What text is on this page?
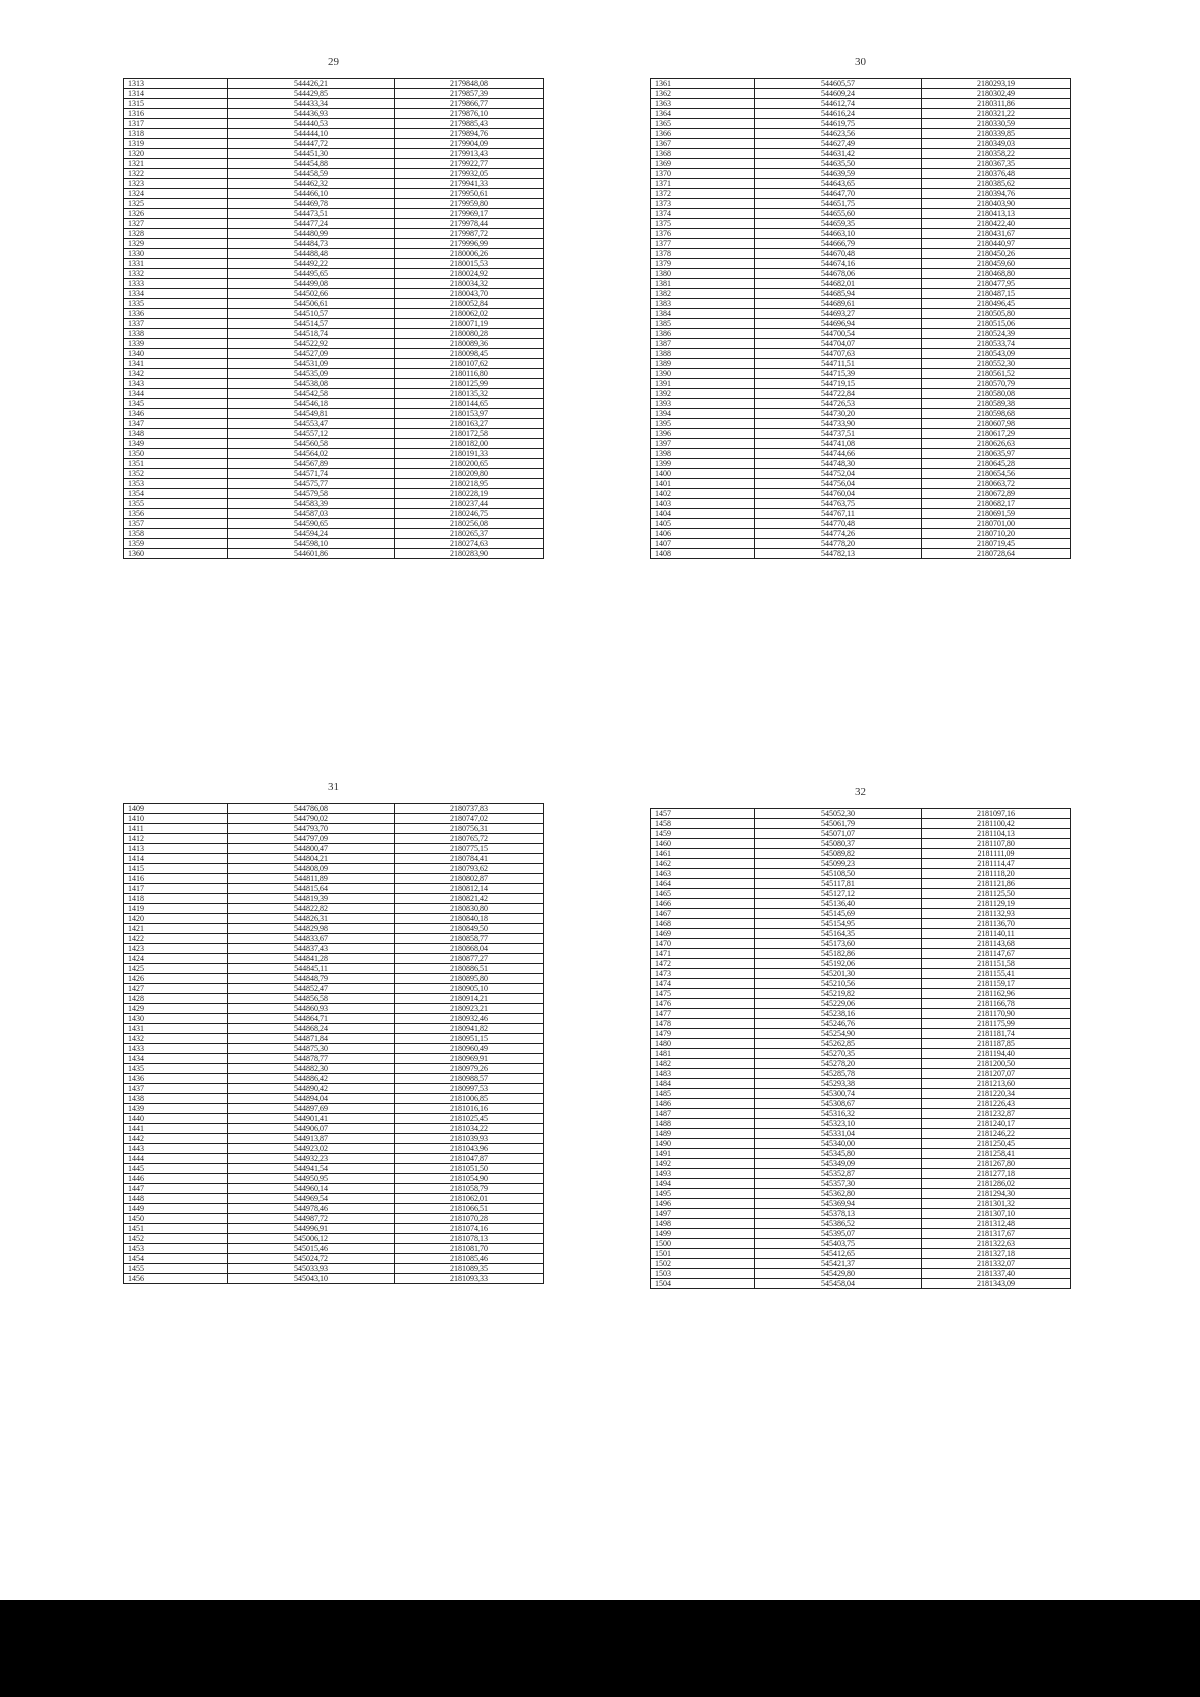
29
1313	544426,21	2179848,08
1314	544429,85	2179857,39
1315	544433,34	2179866,77
1316	544436,93	2179876,10
1317	544440,53	2179885,43
1318	544444,10	2179894,76
1319	544447,72	2179904,09
1320	544451,30	2179913,43
1321	544454,88	2179922,77
1322	544458,59	2179932,05
1323	544462,32	2179941,33
1324	544466,10	2179950,61
1325	544469,78	2179959,80
1326	544473,51	2179969,17
1327	544477,24	2179978,44
1328	544480,99	2179987,72
1329	544484,73	2179996,99
1330	544488,48	2180006,26
1331	544492,22	2180015,53
1332	544495,65	2180024,92
1333	544499,08	2180034,32
1334	544502,66	2180043,70
1335	544506,61	2180052,84
1336	544510,57	2180062,02
1337	544514,57	2180071,19
1338	544518,74	2180080,28
1339	544522,92	2180089,36
1340	544527,09	2180098,45
1341	544531,09	2180107,62
1342	544535,09	2180116,80
1343	544538,08	2180125,99
1344	544542,58	2180135,32
1345	544546,18	2180144,65
1346	544549,81	2180153,97
1347	544553,47	2180163,27
1348	544557,12	2180172,58
1349	544560,58	2180182,00
1350	544564,02	2180191,33
1351	544567,89	2180200,65
1352	544571,74	2180209,80
1353	544575,77	2180218,95
1354	544579,58	2180228,19
1355	544583,39	2180237,44
1356	544587,03	2180246,75
1357	544590,65	2180256,08
1358	544594,24	2180265,37
1359	544598,10	2180274,63
1360	544601,86	2180283,90
30
1361	544605,57	2180293,19
1362	544609,24	2180302,49
1363	544612,74	2180311,86
1364	544616,24	2180321,22
1365	544619,75	2180330,59
1366	544623,56	2180339,85
1367	544627,49	2180349,03
1368	544631,42	2180358,22
1369	544635,50	2180367,35
1370	544639,59	2180376,48
1371	544643,65	2180385,62
1372	544647,70	2180394,76
1373	544651,75	2180403,90
1374	544655,60	2180413,13
1375	544659,35	2180422,40
1376	544663,10	2180431,67
1377	544666,79	2180440,97
1378	544670,48	2180450,26
1379	544674,16	2180459,60
1380	544678,06	2180468,80
1381	544682,01	2180477,95
1382	544685,94	2180487,15
1383	544689,61	2180496,45
1384	544693,27	2180505,80
1385	544696,94	2180515,06
1386	544700,54	2180524,39
1387	544704,07	2180533,74
1388	544707,63	2180543,09
1389	544711,51	2180552,30
1390	544715,39	2180561,52
1391	544719,15	2180570,79
1392	544722,84	2180580,08
1393	544726,53	2180589,38
1394	544730,20	2180598,68
1395	544733,90	2180607,98
1396	544737,51	2180617,29
1397	544741,08	2180626,63
1398	544744,66	2180635,97
1399	544748,30	2180645,28
1400	544752,04	2180654,56
1401	544756,04	2180663,72
1402	544760,04	2180672,89
1403	544763,75	2180682,17
1404	544767,11	2180691,59
1405	544770,48	2180701,00
1406	544774,26	2180710,20
1407	544778,20	2180719,45
1408	544782,13	2180728,64
31
1409	544786,08	2180737,83
1410	544790,02	2180747,02
1411	544793,70	2180756,31
1412	544797,09	2180765,72
1413	544800,47	2180775,15
1414	544804,21	2180784,41
1415	544808,09	2180793,62
1416	544811,89	2180802,87
1417	544815,64	2180812,14
1418	544819,39	2180821,42
1419	544822,82	2180830,80
1420	544826,31	2180840,18
1421	544829,98	2180849,50
1422	544833,67	2180858,77
1423	544837,43	2180868,04
1424	544841,28	2180877,27
1425	544845,11	2180886,51
1426	544848,79	2180895,80
1427	544852,47	2180905,10
1428	544856,58	2180914,21
1429	544860,93	2180923,21
1430	544864,71	2180932,46
1431	544868,24	2180941,82
1432	544871,84	2180951,15
1433	544875,30	2180960,49
1434	544878,77	2180969,91
1435	544882,30	2180979,26
1436	544886,42	2180988,57
1437	544890,42	2180997,53
1438	544894,04	2181006,85
1439	544897,69	2181016,16
1440	544901,41	2181025,45
1441	544906,07	2181034,22
1442	544913,87	2181039,93
1443	544923,02	2181043,96
1444	544932,23	2181047,87
1445	544941,54	2181051,50
1446	544950,95	2181054,90
1447	544960,14	2181058,79
1448	544969,54	2181062,01
1449	544978,46	2181066,51
1450	544987,72	2181070,28
1451	544996,91	2181074,16
1452	545006,12	2181078,13
1453	545015,46	2181081,70
1454	545024,72	2181085,46
1455	545033,93	2181089,35
1456	545043,10	2181093,33
32
1457	545052,30	2181097,16
1458	545061,79	2181100,42
1459	545071,07	2181104,13
1460	545080,37	2181107,80
1461	545089,82	2181111,09
1462	545099,23	2181114,47
1463	545108,50	2181118,20
1464	545117,81	2181121,86
1465	545127,12	2181125,50
1466	545136,40	2181129,19
1467	545145,69	2181132,93
1468	545154,95	2181136,70
1469	545164,35	2181140,11
1470	545173,60	2181143,68
1471	545182,86	2181147,67
1472	545192,06	2181151,58
1473	545201,30	2181155,41
1474	545210,56	2181159,17
1475	545219,82	2181162,96
1476	545229,06	2181166,78
1477	545238,16	2181170,90
1478	545246,76	2181175,99
1479	545254,90	2181181,74
1480	545262,85	2181187,85
1481	545270,35	2181194,40
1482	545278,20	2181200,50
1483	545285,78	2181207,07
1484	545293,38	2181213,60
1485	545300,74	2181220,34
1486	545308,67	2181226,43
1487	545316,32	2181232,87
1488	545323,10	2181240,17
1489	545331,04	2181246,22
1490	545340,00	2181250,45
1491	545345,80	2181258,41
1492	545349,09	2181267,80
1493	545352,87	2181277,18
1494	545357,30	2181286,02
1495	545362,80	2181294,30
1496	545369,94	2181301,32
1497	545378,13	2181307,10
1498	545386,52	2181312,48
1499	545395,07	2181317,67
1500	545403,75	2181322,63
1501	545412,65	2181327,18
1502	545421,37	2181332,07
1503	545429,80	2181337,40
1504	545458,04	2181343,09
